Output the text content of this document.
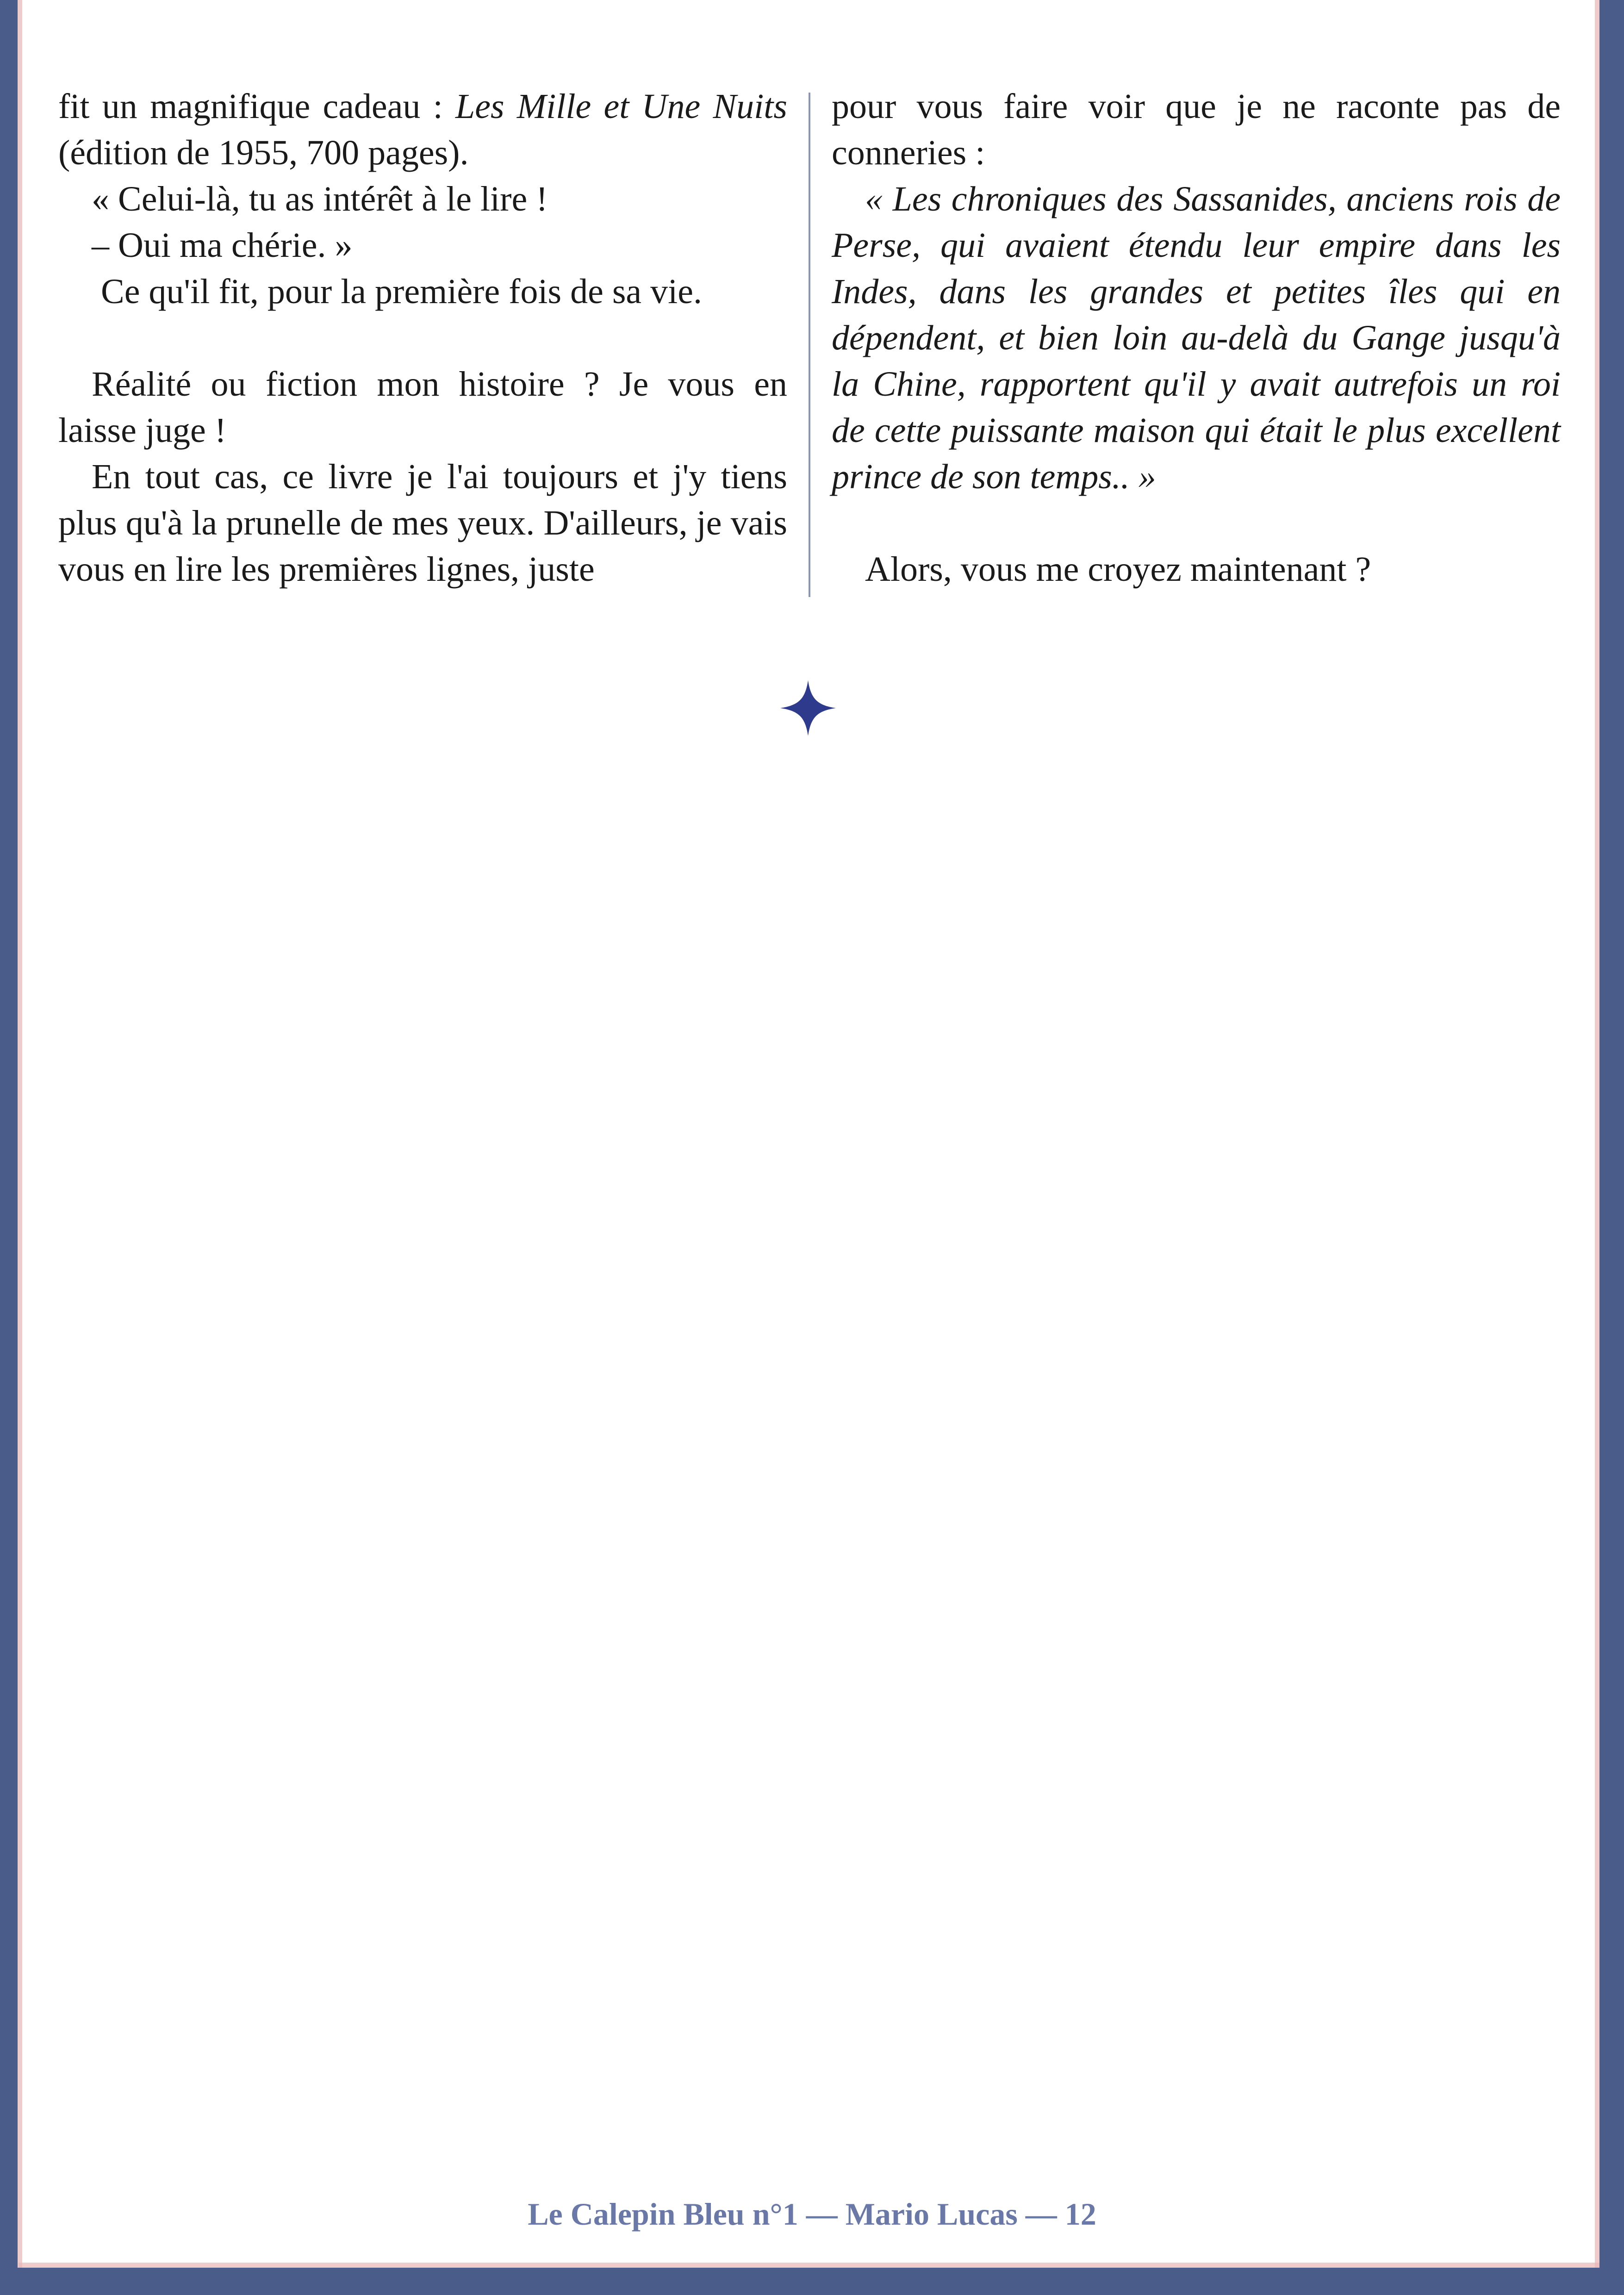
fit un magnifique cadeau : Les Mille et Une Nuits (édition de 1955, 700 pages).

« Celui-là, tu as intérêt à le lire !

– Oui ma chérie. »

Ce qu'il fit, pour la première fois de sa vie.

Réalité ou fiction mon histoire ? Je vous en laisse juge !

En tout cas, ce livre je l'ai toujours et j'y tiens plus qu'à la prunelle de mes yeux. D'ailleurs, je vais vous en lire les premières lignes, juste

pour vous faire voir que je ne raconte pas de conneries :

« Les chroniques des Sassanides, anciens rois de Perse, qui avaient étendu leur empire dans les Indes, dans les grandes et petites îles qui en dépendent, et bien loin au-delà du Gange jusqu'à la Chine, rapportent qu'il y avait autrefois un roi de cette puissante maison qui était le plus excellent prince de son temps.. »

Alors, vous me croyez maintenant ?

Le Calepin Bleu n°1 — Mario Lucas — 12
